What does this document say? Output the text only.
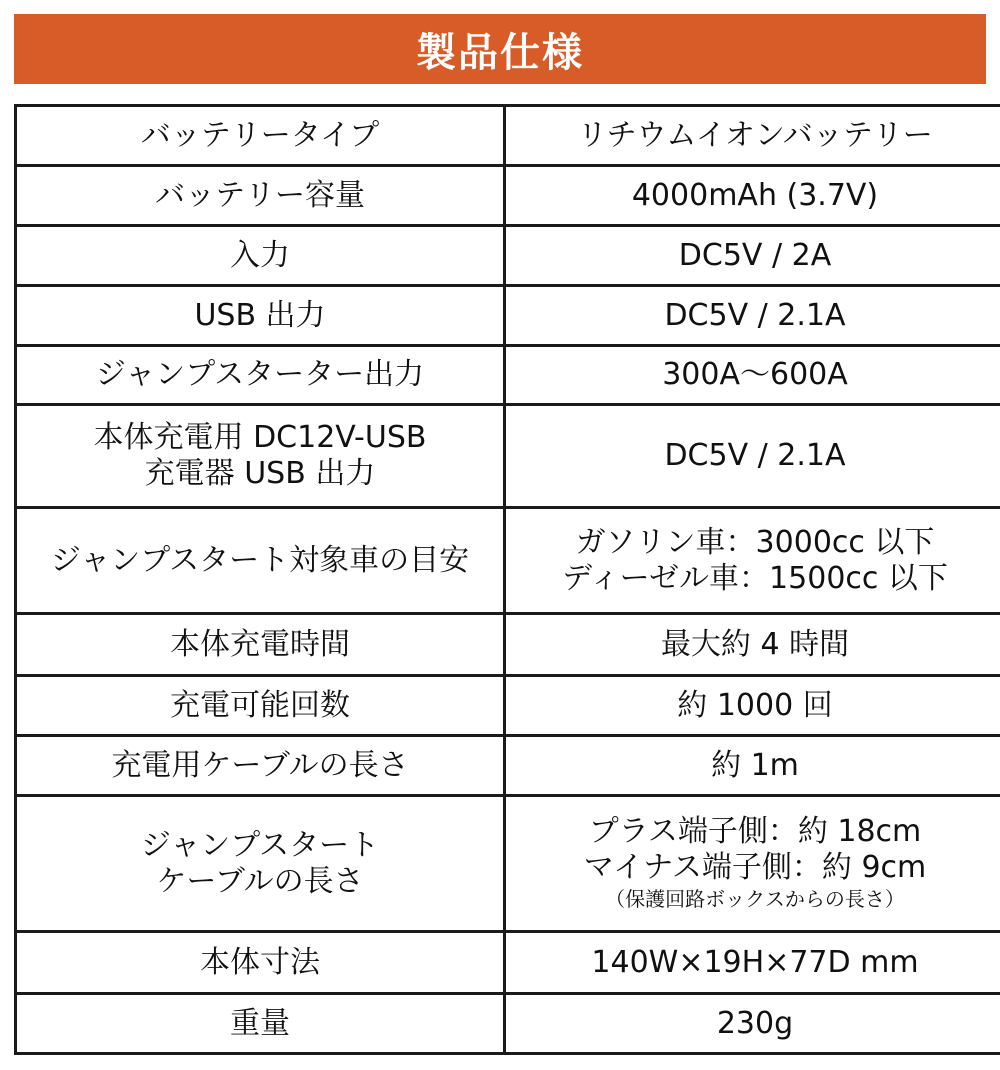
製品仕様
バッテリータイプ	リチウムイオンバッテリー

バッテリー容量	4000mAh (3.7V)

入力	DC5V / 2A

USB 出力	DC5V / 2.1A

ジャンプスターター出力	300A～600A

本体充電用 DC12V-USB
充電器 USB 出力	DC5V / 2.1A

ジャンプスタート対象車の目安	ガソリン車：3000cc 以下
ディーゼル車：1500cc 以下

本体充電時間	最大約 4 時間

充電可能回数	約 1000 回

充電用ケーブルの長さ	約 1m

ジャンプスタート
ケーブルの長さ	プラス端子側：約 18cm
マイナス端子側：約 9cm
（保護回路ボックスからの長さ）

本体寸法	140W×19H×77D mm

重量	230g
